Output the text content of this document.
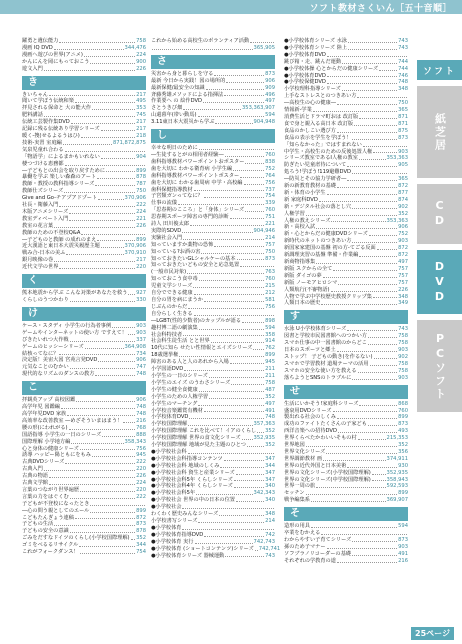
ソフト教材さくいん［五十音順］
躍勇と遺伝能力	758
漫画 IQ DVD	344,476
漫画へ遊びの世界(アニメ)	224
かんにんを岡にもっておこう	900
遊文入門	226
き
きいちゃん	217
聞いて学ぼう伝統和楽	495
拝見される保命と 大の能大作	353
肥料講話	745
伝統工芸製作集DVD	217
記録に残る伝統あり学習シリーズ	217
暖く-捜(せるよるうはひ)	218
技術-実習 室庭編	871,872,875
気泉児童れ合わる
「物語学」によるまかもいれない	904
棲つづける恵務都
―子どもとの出会を取り戻すために	899
暴働を学ぶ 楽しい森森のアート	878
教師・教授の教科指導シリーズ	787
教師仕ズシリーズ	750
Give and Go-チアプアドプート	370,906
社長・衛藤入門	222
木版アニメシリーズ	224
教室ディベート入門	221
教室の花言葉	226
教師のための不登校Q&A
―子どものと教師 の成れのまえ	899
近大漢語と東日本大震災履歴主題	370,906
戦み合-日本の美ふ	370,910
銀月映像の巻	217
近代文学の世界	220
く
熊本地震から学ぶ こんな対策があなたを救う 927
くらしのうつかわり	330
け
ケース・スタディ 小学生の行為者事例	903
ゲームやインターネットの使い方 ですえて！ 903
ぴきたいれつ大作戦	337
ゲームのヒッシーシリーズ	364,908
結核ってなに？	734
決定版！美宙大図 宮苑言発DVD	906
元気なことのむかい	747
現代的なリズムのダンスの教方	748
こ
拝観英アップ 高校図鑑	906
高学年児 図鑑編	748
高学年児DVD 家族	748
高効率な改善教室 ―めざそういまはまう！	216
腰の形(にわれがる)	768
国語指導 小学生の一日のシリーズ	888
国際理解 小学地方編	358,343
心と身体の健康シリーズ	756
誘導 ハッピー陽ともにをもみ	945
古典DVDシリーズ	222
古典入門	220
古典の物語	226
古典文学館	224
言葉のつながり世界遍歴	220
言葉の力をはぐくむ	222
子どもが不登校になったとき
―心の問う親としてのエール	899
こどもたんぎょう連稿	872
子どもの生活	873
子どもの安全の意識	878
ごみをだすなドイツのくらし(小学校国際理解) 352
ゴミをべるるリサイクル	344
これがフォークダンス！	754
これから始める高校生のボランティア活動
365,905
さ
災害から身と暮らしを守る	873
最新 今日から実践！図の場所的	906
最新保健/最安全の知識	909
斉藤秀雄メソッドによる指揮法	496
作業要へ の 絵作DVD	497
さとうきび畑	353,363,907
山還暮年(帯い動馬)	594
3.11東日本大震災から学ぶ	904,948
し
幸せな明日のために
―生徒するとがの相用者経験―	760
歯科指導教材パワーポイントおポスター	838
歯を大切に わかる衛育病 小学生編	752
歯科指導教材パワーポイントポスター	764
歯を大切に わかる歯周病 中学・高校編	756
歯科保健指導教材	737
子宮類ガンってなに？	754
仕事の流儀	339
「思春期のこころ」と「身体」シリーズ	760
思春期スポーツ障害の専門的診断	751
詩人 田川俊太郎	221
実際的SDVD	904,946
実験社会入門	214
知っていますか薬物の恐怖	757
知っている?お酒の害	750
知っておきたいGLシャルケーの基本	873
知っておきたいどもの安全と応急処置
(一般市民対象)	763
知っておこう食中毒	760
児童文学シリーズ	215
自分でできる健康	212
自分の胃を病にまうか	581
じぶんのからだ	756
自分らしく生きる
―LGBT(性的少数者)のカップルが語る	898
趣村博二語の劇演集	594
社会科特技者	358
社会科生徒生活 とと世界	914
10代に知ら せたい性情報とエイズシリーズ 762
18歳選挙権	899
障害のある人と人のあれから入場	945
小学国語DVD	211
小学生の一日のシリーズ	211
小学生のエイズ のうわさシリーズ	758
小学生の健全食健康	487
小学生のための人権学習	352
小学生のマーチング	497
小学校音楽鑑賞有機材	491
小学校体育DVD	748
小学校国際理解	357,363
小学校国際理解 これを比べて！イアのくらし 352
小学校国際理解 世界の食文化シリーズ 352,935
小学校国際理解 地域が見た主題のひとつ	352
●小学校社会科
●小学校社会科指導コンテンツ	347
●小学校社会科 地域のしくみ	344
●小学校社会科 資生と産業シリーズ	347
●小学校社会科5年 くらしシリーズ	347
●小学校社会科4年 くらしシリーズ	340
●小学校社会科5年	342,343
●小学校社会 世界の中の日本の位置	340
●小学校社会
わくわく歴史みんなシリーズ	348
小学校書写シリーズ	214
●小学校体育
●小学校体育指導DVD	742
●小学校体育 実行	742,743
●小学校体育 (ショートコンテンツ)シリーズ 742,741
●小学校体育シリーズ 器械運動	743
●小学校体育シリーズ 水泳	743
●小学校体育シリーズ 陸上	743
●小学校体育DVD
跳び箱・走、跳んだ運動	744
●小学校体操 心とからだの健康シリーズ	744
●小学校体育DVD	746
●小学校保健DVD	748
小学校理科指導シリーズ	348
上手なストレスとのつきあい方
―高校生の心の健康―	750
情報新-学業	365
消費生活とドラマ町おは 改訂版	871
食で身と親入る高日本 改訂版	871
食品のかしこい選び方	875
食品の表示を学生を学ぼう！	873
「知らなかった」ではすまれない
中学生・高校生のための反後処置人権	903
シリーズ教室であるI人権の教室	353,363
防ぎたい児童虐待について	905
処ろう!学ぼう!119避難DVD
―防災とその協力学研者―	365
新の新教育教材の基礎	872
新・体育の小学生	877
新 家庭科DVD	874
新・デジタル社会の落とし穴	902
人権学習	352
人権の教えシリーズ	353,363
新・高校入試	906
新・心とからだの健康DVDシリーズ	752
新時代のネットのつきあい方	903
新国家家建国の基盤 初の方-てごる反面	872
新調理実習の基盤 準備・作業編	872
新商物指導集	497
新版 スクからの全て	757
新版 ダイゴの夢	757
新版 ノーモアヒロシマ	757
人類航行(不審物語)	226
人物で学ぶ中学校歴史教授クリップ集	348
人類日本の歴史	349
す
水泳 U小学校体育シリーズ	743
図書と学校市民図書館へのつかい方	758
スマホ仕事の中一図書館のからどこ	758
日本のスポーツと郷土	903
ストップ！ 子どもの動き(を作るない)	902
スマホで学習教材 道場テーマの活用	758
スマホの安全な使い方を教える	758
落ちようとSNSのトラブルに	903
せ
生活にいかそう!家庭科シリーズ	868
盛衰用DVDシリーズ	760
製出れる社会のしくみ	899
成功のファイトたくさんの子家ども	873
西洋音楽への招待DVD	493
世界くらべたかわいいそもの村	215,353
世界地図	352
世界文化シリーズ	356
世界調節教材 画	374,911
世界の近代外国と日本美術	930
世界の文化シリーズ(小学校国際理解)	352,935
世界の文化シリーズ(中学校国際理解)	358,943
世界一周の旅	592,593
セッチン	899
戦争編集系	369,907
そ
造形の用具	594
卒業をむかえる
わからやすい子育てシリーズ	873
孫のため子マナー	903
ソフブラノリコーダーの基礎	491
それぞれの学教育の道	216
ソフト
紙芝居
CD
DVD
PCソフト
25ページ
